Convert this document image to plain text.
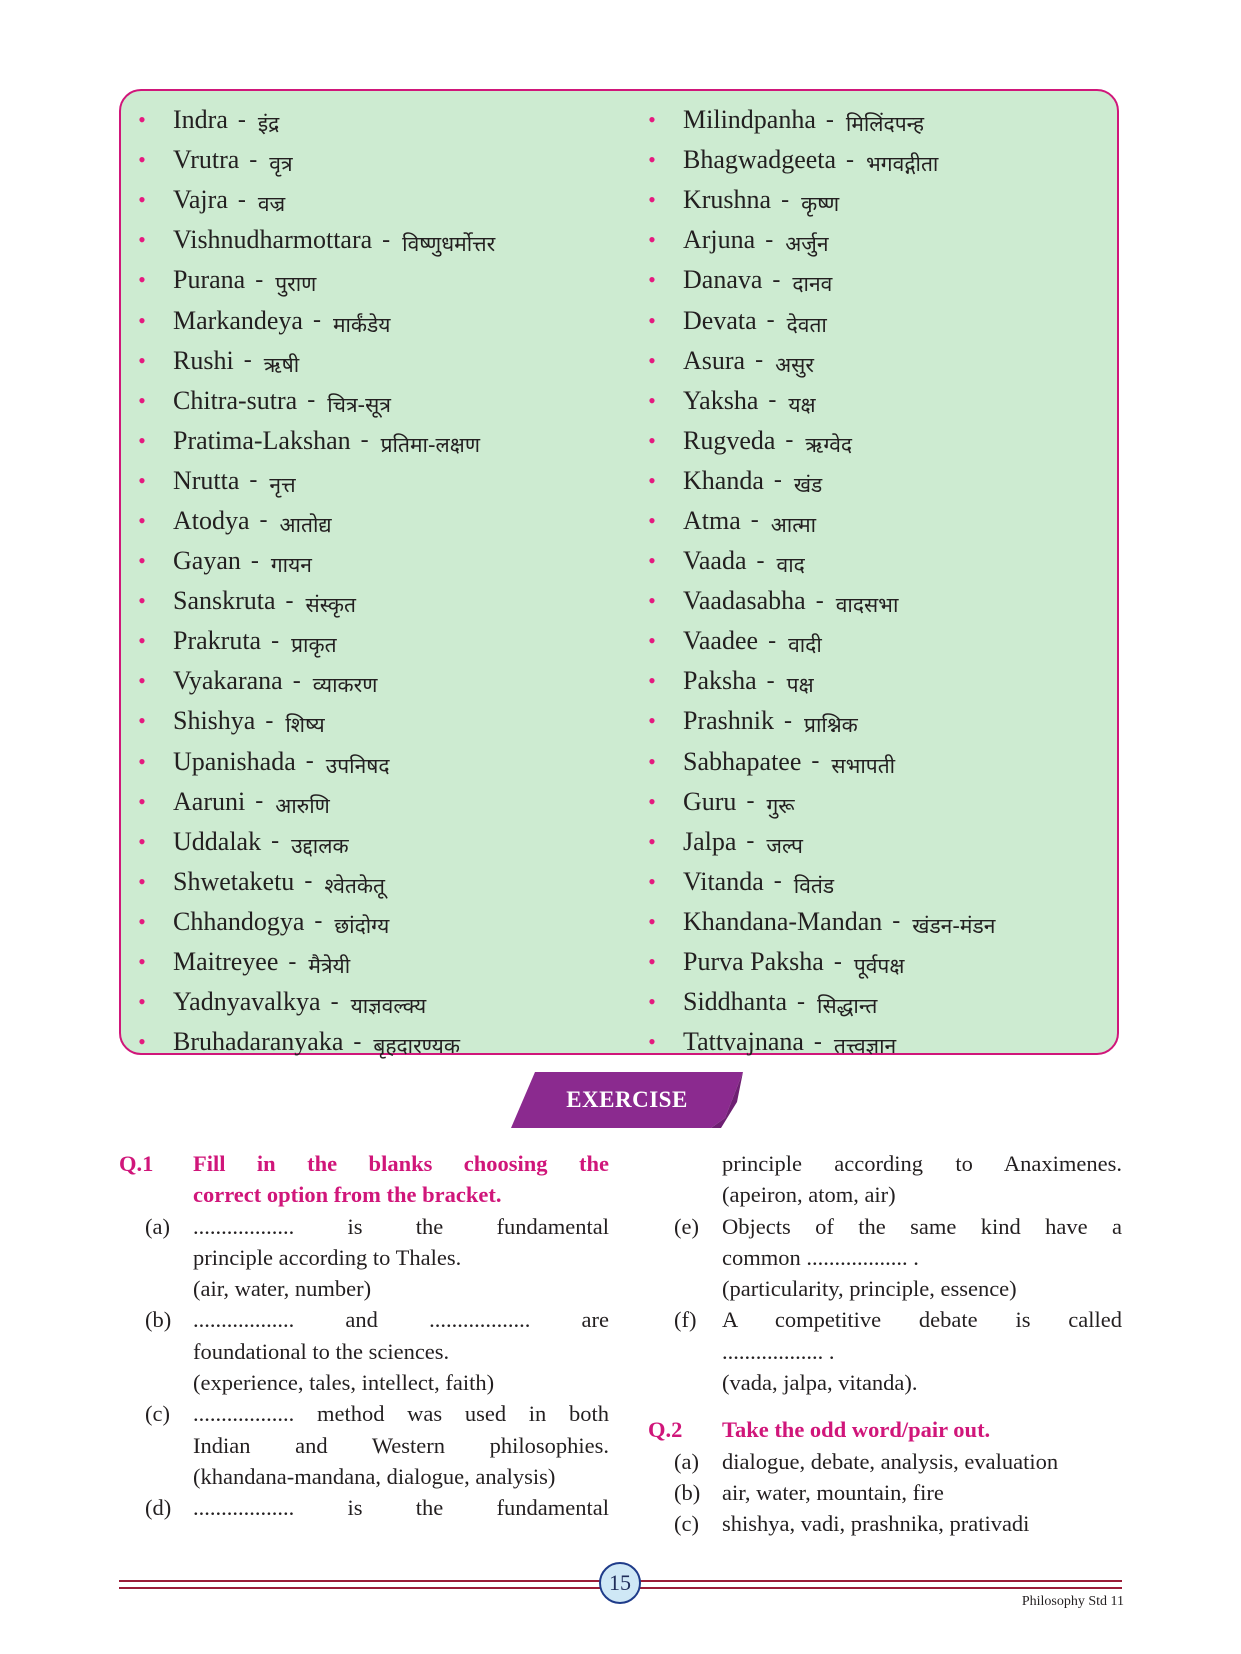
•	Indra - इंद्र
•	Vrutra - वृत्र
•	Vajra - वज्र
•	Vishnudharmottara - विष्णुधर्मोत्तर
•	Purana - पुराण
•	Markandeya - मार्कंडेय
•	Rushi - ऋषी
•	Chitra-sutra - चित्र-सूत्र
•	Pratima-Lakshan - प्रतिमा-लक्षण
•	Nrutta - नृत्त
•	Atodya - आतोद्य
•	Gayan - गायन
•	Sanskruta - संस्कृत
•	Prakruta - प्राकृत
•	Vyakarana - व्याकरण
•	Shishya - शिष्य
•	Upanishada - उपनिषद
•	Aaruni - आरुणि
•	Uddalak - उद्दालक
•	Shwetaketu - श्वेतकेतू
•	Chhandogya - छांदोग्य
•	Maitreyee - मैत्रेयी
•	Yadnyavalkya - याज्ञवल्क्य
•	Bruhadaranyaka - बृहदारण्यक
•	Milindpanha - मिलिंदपन्ह
•	Bhagwadgeeta - भगवद्गीता
•	Krushna - कृष्ण
•	Arjuna - अर्जुन
•	Danava - दानव
•	Devata - देवता
•	Asura - असुर
•	Yaksha - यक्ष
•	Rugveda - ऋग्वेद
•	Khanda - खंड
•	Atma - आत्मा
•	Vaada - वाद
•	Vaadasabha - वादसभा
•	Vaadee - वादी
•	Paksha - पक्ष
•	Prashnik - प्राश्निक
•	Sabhapatee - सभापती
•	Guru - गुरू
•	Jalpa - जल्प
•	Vitanda - वितंड
•	Khandana-Mandan - खंडन-मंडन
•	Purva Paksha - पूर्वपक्ष
•	Siddhanta - सिद्धान्त
•	Tattvajnana - तत्त्वज्ञान
EXERCISE
Q.1 Fill in the blanks choosing the
correct option from the bracket.
(a) .................. is the fundamental
principle according to Thales.
(air, water, number)
(b) .................. and .................. are
foundational to the sciences.
(experience, tales, intellect, faith)
(c) .................. method was used in both
Indian and Western philosophies.
(khandana-mandana, dialogue, analysis)
(d) .................. is the fundamental
principle according to Anaximenes.
(apeiron, atom, air)
(e) Objects of the same kind have a
common .................. .
(particularity, principle, essence)
(f) A competitive debate is called
.................. .
(vada, jalpa, vitanda).
Q.2 Take the odd word/pair out.
(a) dialogue, debate, analysis, evaluation
(b) air, water, mountain, fire
(c) shishya, vadi, prashnika, prativadi
15
Philosophy Std 11
